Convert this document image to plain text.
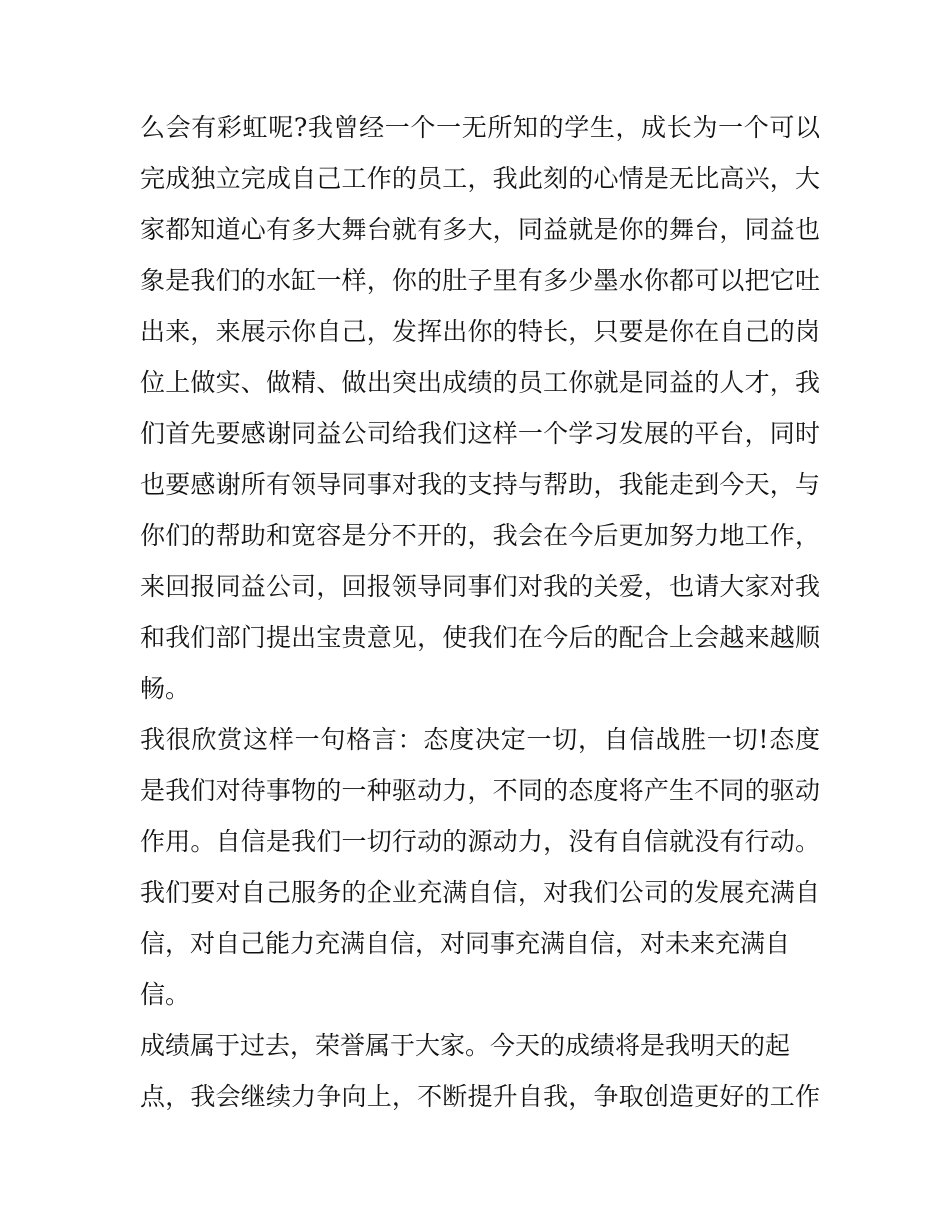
么会有彩虹呢?我曾经一个一无所知的学生，成长为一个可以
完成独立完成自己工作的员工，我此刻的心情是无比高兴，大
家都知道心有多大舞台就有多大，同益就是你的舞台，同益也
象是我们的水缸一样，你的肚子里有多少墨水你都可以把它吐
出来，来展示你自己，发挥出你的特长，只要是你在自己的岗
位上做实、做精、做出突出成绩的员工你就是同益的人才，我
们首先要感谢同益公司给我们这样一个学习发展的平台，同时
也要感谢所有领导同事对我的支持与帮助，我能走到今天，与
你们的帮助和宽容是分不开的，我会在今后更加努力地工作，
来回报同益公司，回报领导同事们对我的关爱，也请大家对我
和我们部门提出宝贵意见，使我们在今后的配合上会越来越顺
畅。
我很欣赏这样一句格言：态度决定一切，自信战胜一切!态度
是我们对待事物的一种驱动力，不同的态度将产生不同的驱动
作用。自信是我们一切行动的源动力，没有自信就没有行动。
我们要对自己服务的企业充满自信，对我们公司的发展充满自
信，对自己能力充满自信，对同事充满自信，对未来充满自
信。
成绩属于过去，荣誉属于大家。今天的成绩将是我明天的起
点，我会继续力争向上，不断提升自我，争取创造更好的工作
